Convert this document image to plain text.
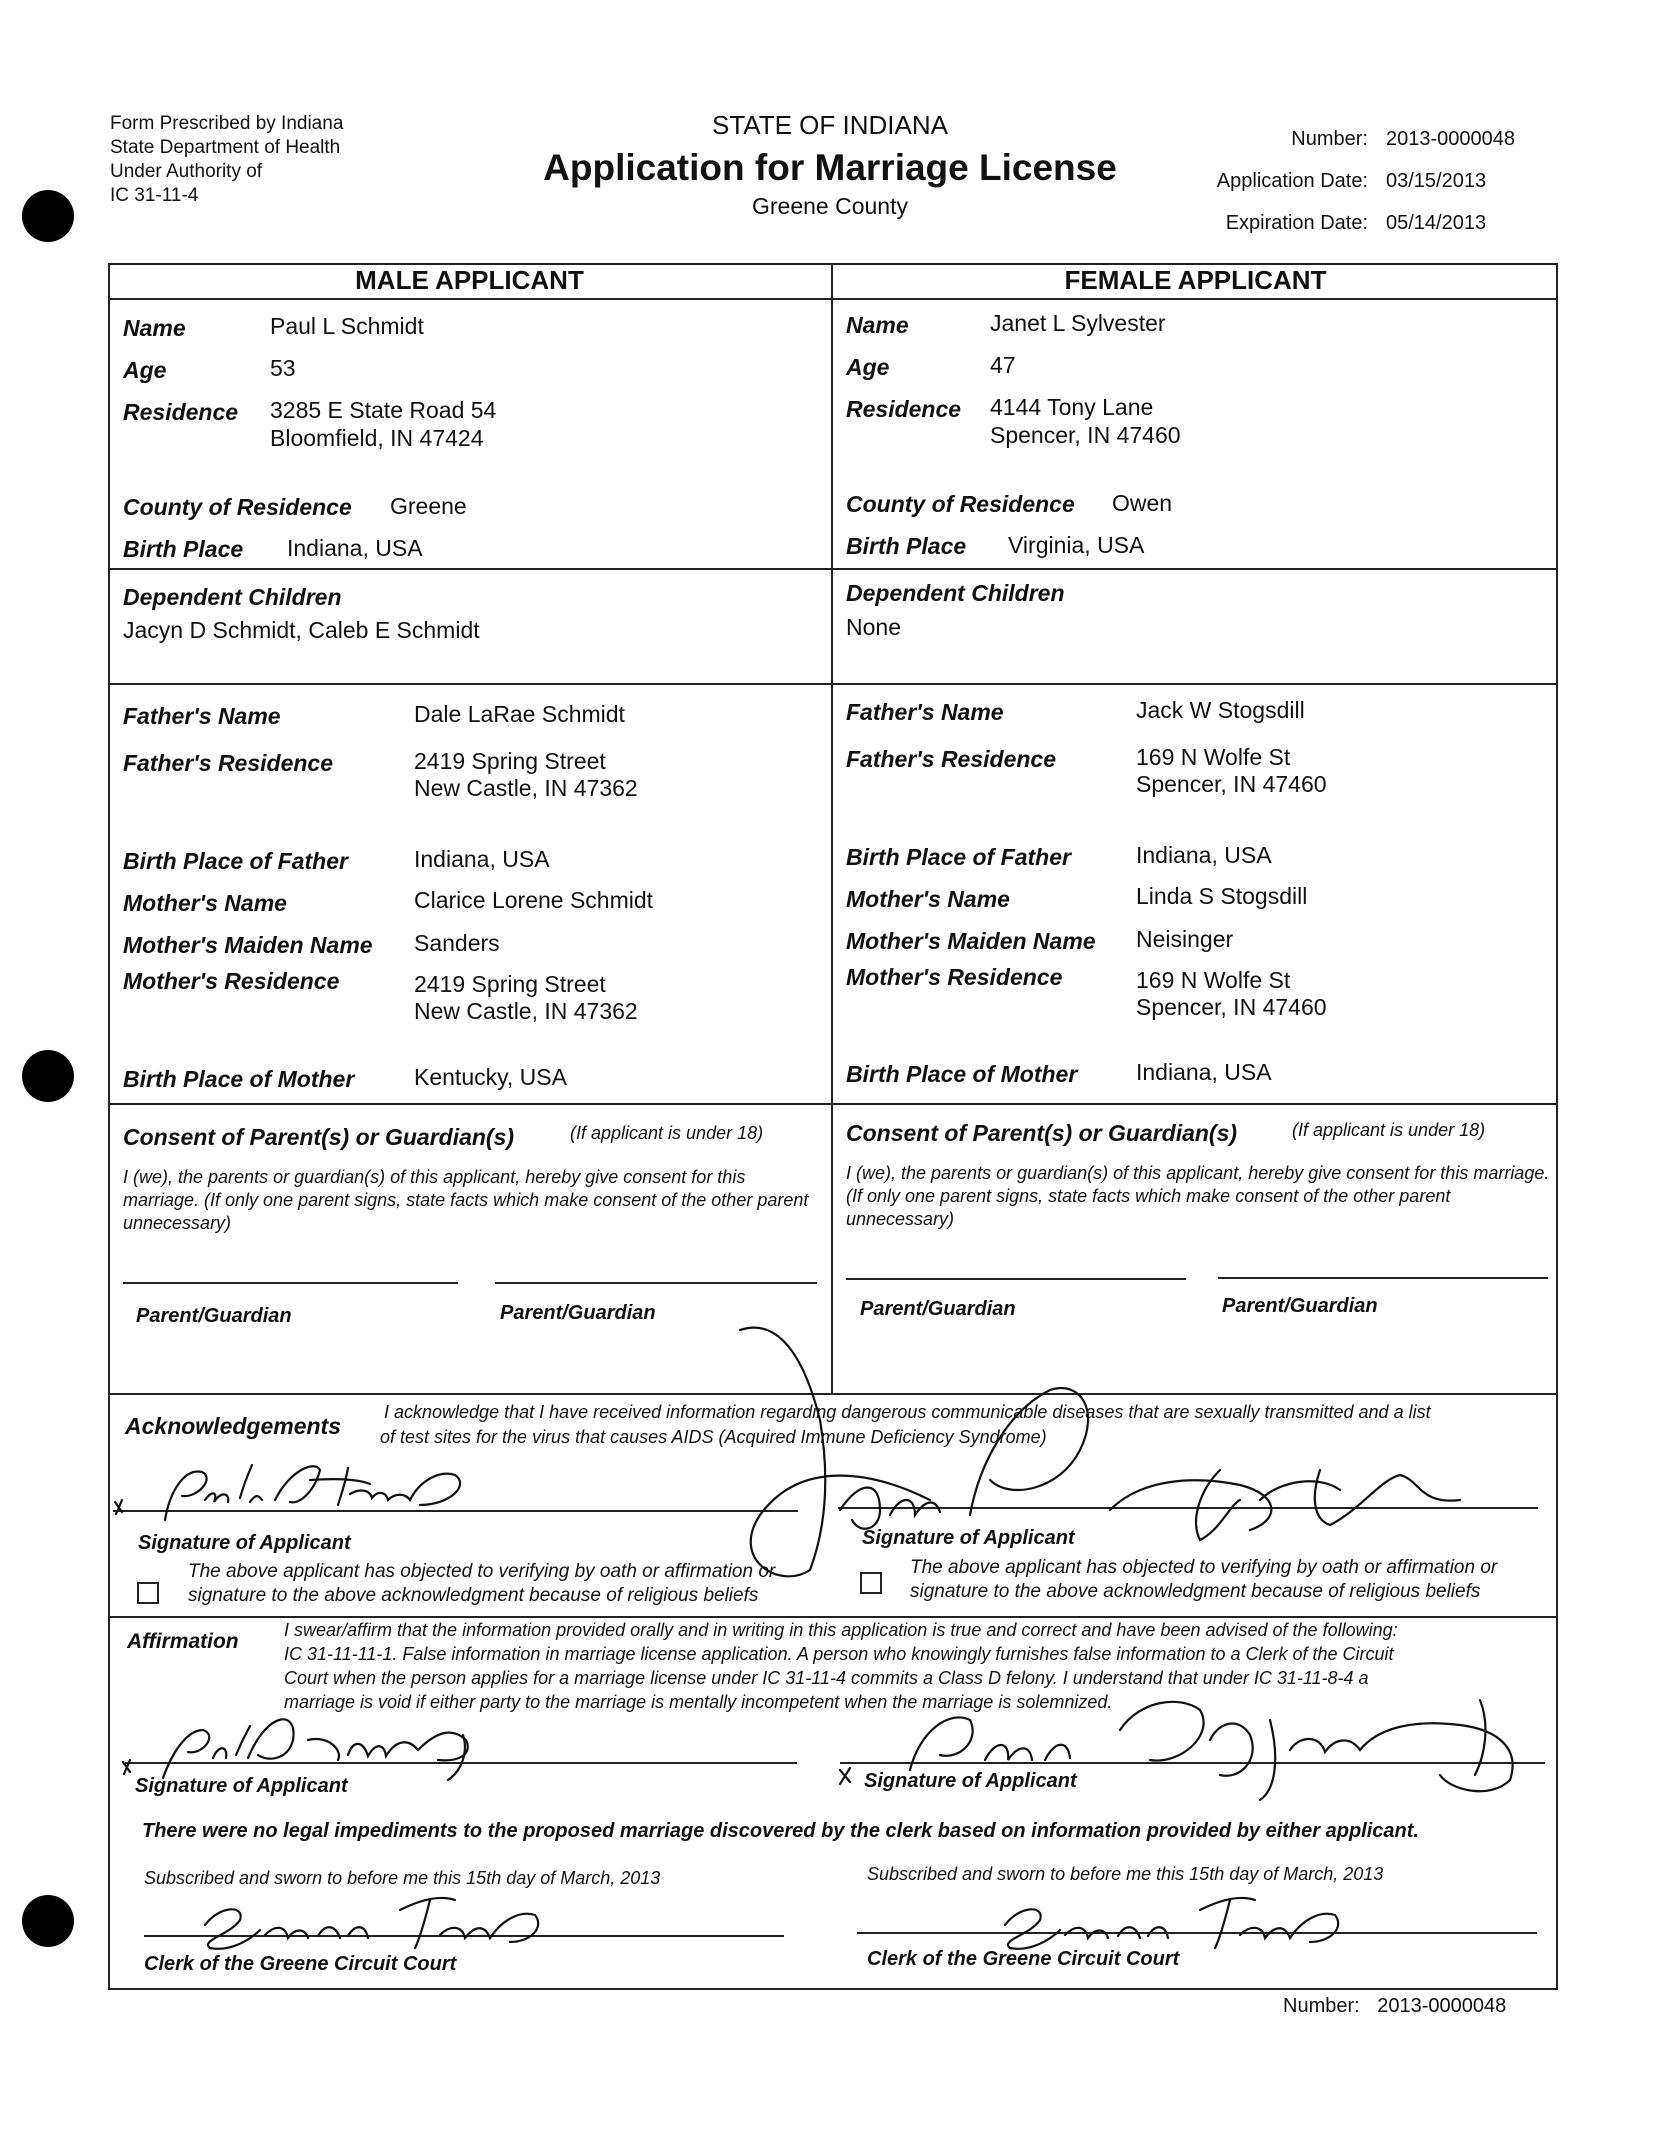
Form Prescribed by Indiana
State Department of Health
Under Authority of
IC 31-11-4
STATE OF INDIANA
Application for Marriage License
Greene County
Number: 2013-0000048
Application Date: 03/15/2013
Expiration Date: 05/14/2013
MALE APPLICANT	FEMALE APPLICANT
Name	Paul L Schmidt
Age	53
Residence 3285 E State Road 54
Bloomfield, IN 47424
County of Residence Greene
Birth Place Indiana, USA
Dependent Children
Jacyn D Schmidt, Caleb E Schmidt
Father's Name	Dale LaRae Schmidt
Father's Residence	2419 Spring Street
New Castle, IN 47362
Birth Place of Father	Indiana, USA
Mother's Name	Clarice Lorene Schmidt
Mother's Maiden Name Sanders
Mother's Residence	2419 Spring Street
New Castle, IN 47362
Birth Place of Mother	Kentucky, USA
Consent of Parent(s) or Guardian(s)	(If applicant is under 18)
I (we), the parents or guardian(s) of this applicant, hereby give consent for this marriage. (If only one parent signs, state facts which make consent of the other parent unnecessary)
Parent/Guardian	Parent/Guardian
Name	Janet L Sylvester
Age	47
Residence 4144 Tony Lane
Spencer, IN 47460
County of Residence Owen
Birth Place Virginia, USA
Dependent Children
None
Father's Name	Jack W Stogsdill
Father's Residence	169 N Wolfe St
Spencer, IN 47460
Birth Place of Father	Indiana, USA
Mother's Name	Linda S Stogsdill
Mother's Maiden Name Neisinger
Mother's Residence	169 N Wolfe St
Spencer, IN 47460
Birth Place of Mother	Indiana, USA
Consent of Parent(s) or Guardian(s)	(If applicant is under 18)
I (we), the parents or guardian(s) of this applicant, hereby give consent for this marriage. (If only one parent signs, state facts which make consent of the other parent unnecessary)
Parent/Guardian	Parent/Guardian
Acknowledgements
I acknowledge that I have received information regarding dangerous communicable diseases that are sexually transmitted and a list
of test sites for the virus that causes AIDS (Acquired Immune Deficiency Syndrome)
Signature of Applicant	Signature of Applicant
The above applicant has objected to verifying by oath or affirmation or
signature to the above acknowledgment because of religious beliefs
The above applicant has objected to verifying by oath or affirmation or
signature to the above acknowledgment because of religious beliefs
Affirmation	I swear/affirm that the information provided orally and in writing in this application is true and correct and have been advised of the following:
IC 31-11-11-1. False information in marriage license application. A person who knowingly furnishes false information to a Clerk of the Circuit
Court when the person applies for a marriage license under IC 31-11-4 commits a Class D felony. I understand that under IC 31-11-8-4 a
marriage is void if either party to the marriage is mentally incompetent when the marriage is solemnized.
Signature of Applicant	Signature of Applicant
There were no legal impediments to the proposed marriage discovered by the clerk based on information provided by either applicant.
Subscribed and sworn to before me this 15th day of March, 2013	Subscribed and sworn to before me this 15th day of March, 2013
Clerk of the Greene Circuit Court	Clerk of the Greene Circuit Court
Number: 2013-0000048
